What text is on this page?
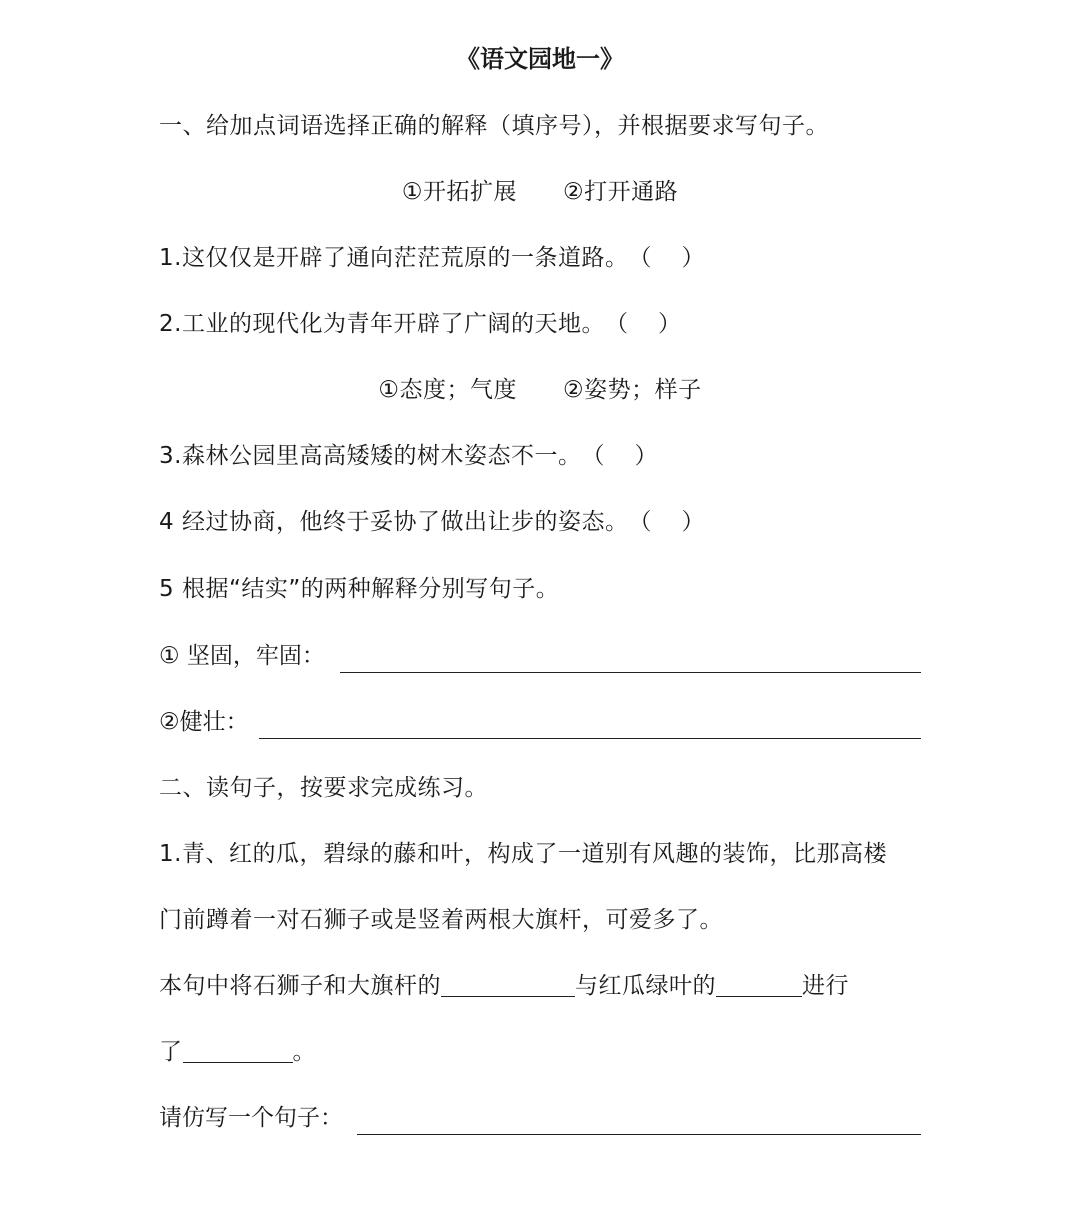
《语文园地一》
一、给加点词语选择正确的解释（填序号），并根据要求写句子。
①开拓扩展 ②打开通路
1.这仅仅是开辟了通向茫茫荒原的一条道路。（ ）
2.工业的现代化为青年开辟了广阔的天地。（ ）
①态度；气度 ②姿势；样子
3.森林公园里高高矮矮的树木姿态不一。（ ）
4 经过协商，他终于妥协了做出让步的姿态。（ ）
5 根据“结实”的两种解释分别写句子。
① 坚固，牢固：
②健壮：
二、读句子，按要求完成练习。
1.青、红的瓜，碧绿的藤和叶，构成了一道别有风趣的装饰，比那高楼
门前蹲着一对石狮子或是竖着两根大旗杆，可爱多了。
本句中将石狮子和大旗杆的	与红瓜绿叶的	进行
了	。
请仿写一个句子：
